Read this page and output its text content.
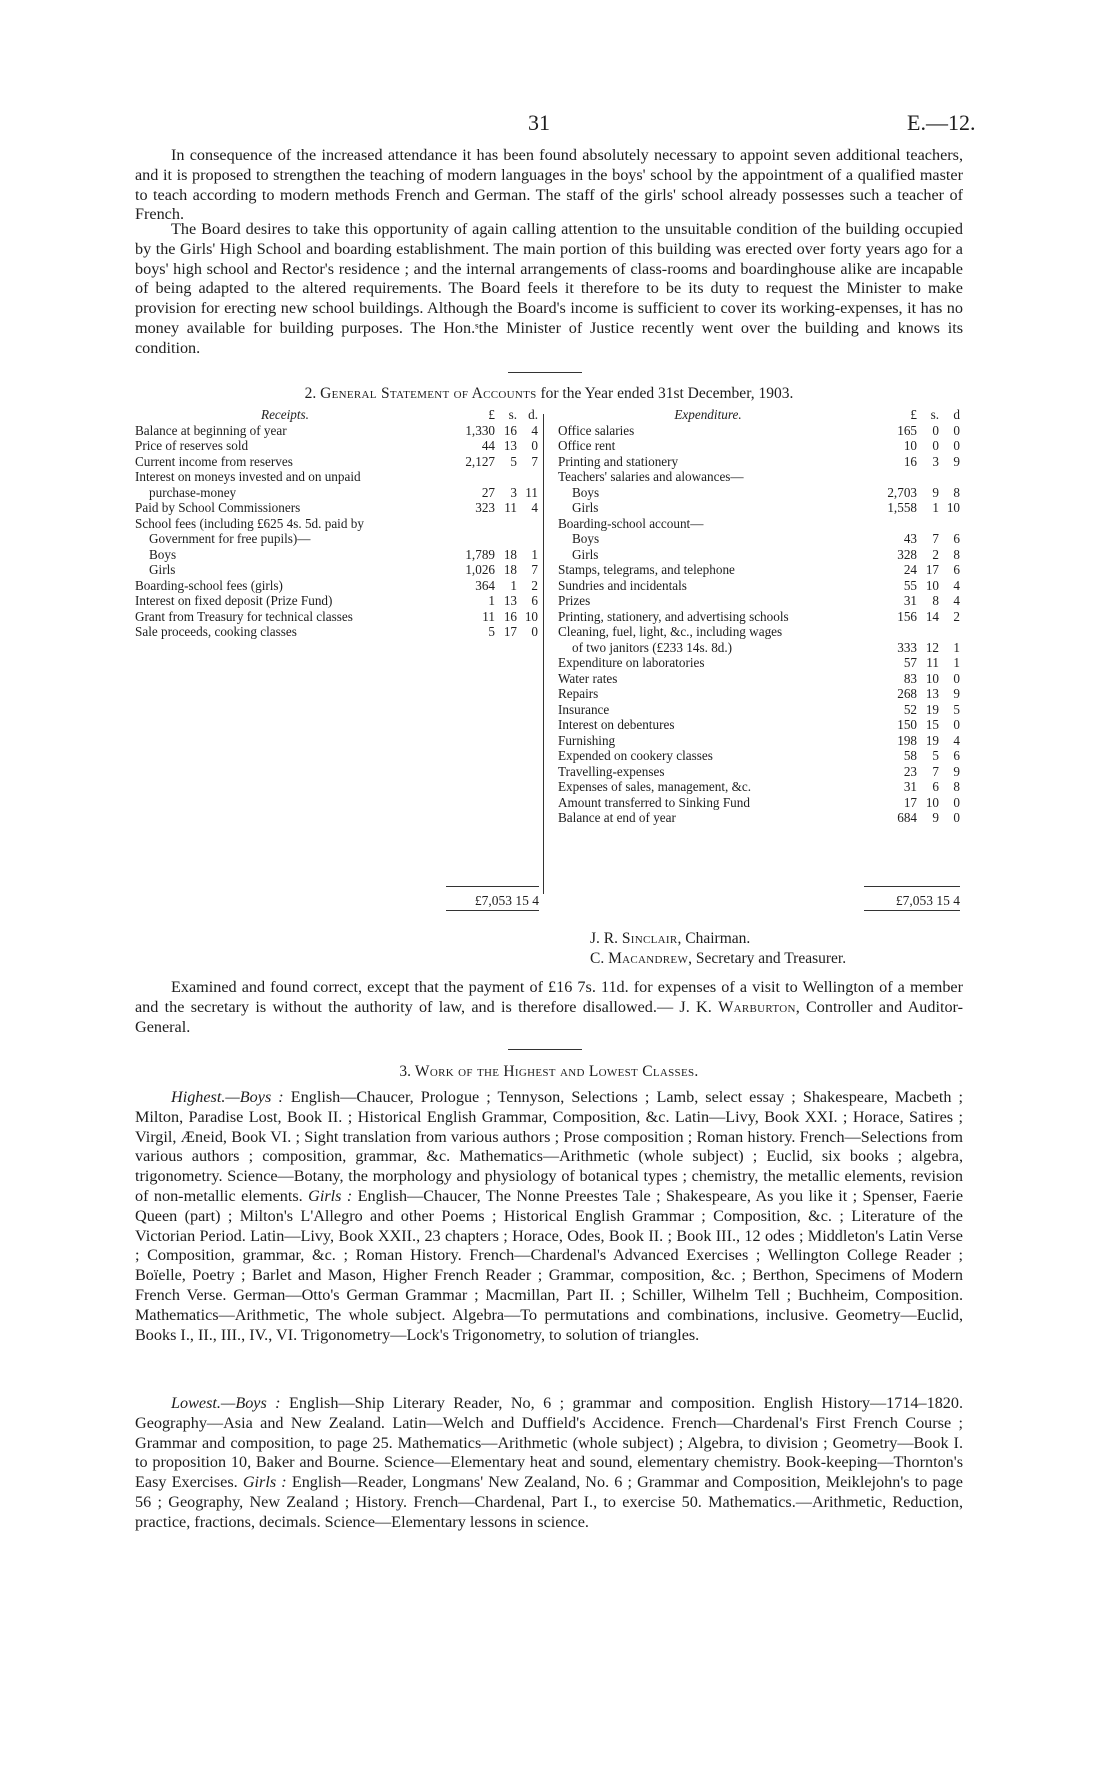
31	E.—12.

In consequence of the increased attendance it has been found absolutely necessary to appoint seven additional teachers, and it is proposed to strengthen the teaching of modern languages in the boys' school by the appointment of a qualified master to teach according to modern methods French and German. The staff of the girls' school already possesses such a teacher of French.

The Board desires to take this opportunity of again calling attention to the unsuitable condition of the building occupied by the Girls' High School and boarding establishment. The main portion of this building was erected over forty years ago for a boys' high school and Rector's residence ; and the internal arrangements of class-rooms and boardinghouse alike are incapable of being adapted to the altered requirements. The Board feels it therefore to be its duty to request the Minister to make provision for erecting new school buildings. Although the Board's income is sufficient to cover its working-expenses, it has no money available for building purposes. The Hon.ˢthe Minister of Justice recently went over the building and knows its condition.

2. General Statement of Accounts for the Year ended 31st December, 1903.

Receipts.	£	s. d.
Balance at beginning of year	1,330 16	4
Price of reserves sold	44 13	0
Current income from reserves	2,127	5	7
Interest on moneys invested and on unpaid
purchase-money	27	3 11
Paid by School Commissioners	323 11	4
School fees (including £625 4s. 5d. paid by
Government for free pupils)—
Boys	1,789 18	1
Girls	1,026 18	7
Boarding-school fees (girls)	364	1	2
Interest on fixed deposit (Prize Fund)	1 13	6
Grant from Treasury for technical classes	11 16 10
Sale proceeds, cooking classes	5 17	0
Expenditure.	£	s.	d
Office salaries	165	0	0
Office rent	10	0	0
Printing and stationery	16	3	9
Teachers' salaries and alowances—
Boys	2,703	9	8
Girls	1,558	1 10
Boarding-school account—
Boys	43	7	6
Girls	328	2	8
Stamps, telegrams, and telephone	24 17	6
Sundries and incidentals	55 10	4
Prizes	31	8	4
Printing, stationery, and advertising schools	156 14	2
Cleaning, fuel, light, &c., including wages
of two janitors (£233 14s. 8d.)	333 12	1
Expenditure on laboratories	57 11	1
Water rates	83 10	0
Repairs	268 13	9
Insurance	52 19	5
Interest on debentures	150 15	0
Furnishing	198 19	4
Expended on cookery classes	58	5	6
Travelling-expenses	23	7	9
Expenses of sales, management, &c.	31	6	8
Amount transferred to Sinking Fund	17 10	0
Balance at end of year	684	9	0
£7,053 15 4	£7,053 15 4
J. R. Sinclair, Chairman.
C. Macandrew, Secretary and Treasurer.

Examined and found correct, except that the payment of £16 7s. 11d. for expenses of a visit to Wellington of a member and the secretary is without the authority of law, and is therefore disallowed.— J. K. Warburton, Controller and Auditor-General.

3. Work of the Highest and Lowest Classes.

Highest.—Boys : English—Chaucer, Prologue ; Tennyson, Selections ; Lamb, select essay ; Shakespeare, Macbeth ; Milton, Paradise Lost, Book II. ; Historical English Grammar, Composition, &c. Latin—Livy, Book XXI. ; Horace, Satires ; Virgil, Æneid, Book VI. ; Sight translation from various authors ; Prose composition ; Roman history. French—Selections from various authors ; composition, grammar, &c. Mathematics—Arithmetic (whole subject) ; Euclid, six books ; algebra, trigonometry. Science—Botany, the morphology and physiology of botanical types ; chemistry, the metallic elements, revision of non-metallic elements. Girls : English—Chaucer, The Nonne Preestes Tale ; Shakespeare, As you like it ; Spenser, Faerie Queen (part) ; Milton's L'Allegro and other Poems ; Historical English Grammar ; Composition, &c. ; Literature of the Victorian Period. Latin—Livy, Book XXII., 23 chapters ; Horace, Odes, Book II. ; Book III., 12 odes ; Middleton's Latin Verse ; Composition, grammar, &c. ; Roman History. French—Chardenal's Advanced Exercises ; Wellington College Reader ; Boïelle, Poetry ; Barlet and Mason, Higher French Reader ; Grammar, composition, &c. ; Berthon, Specimens of Modern French Verse. German—Otto's German Grammar ; Macmillan, Part II. ; Schiller, Wilhelm Tell ; Buchheim, Composition. Mathematics—Arithmetic, The whole subject. Algebra—To permutations and combinations, inclusive. Geometry—Euclid, Books I., II., III., IV., VI. Trigonometry—Lock's Trigonometry, to solution of triangles.

Lowest.—Boys : English—Ship Literary Reader, No, 6 ; grammar and composition. English History—1714–1820. Geography—Asia and New Zealand. Latin—Welch and Duffield's Accidence. French—Chardenal's First French Course ; Grammar and composition, to page 25. Mathematics—Arithmetic (whole subject) ; Algebra, to division ; Geometry—Book I. to proposition 10, Baker and Bourne. Science—Elementary heat and sound, elementary chemistry. Book-keeping—Thornton's Easy Exercises. Girls : English—Reader, Longmans' New Zealand, No. 6 ; Grammar and Composition, Meiklejohn's to page 56 ; Geography, New Zealand ; History. French—Chardenal, Part I., to exercise 50. Mathematics.—Arithmetic, Reduction, practice, fractions, decimals. Science—Elementary lessons in science.
